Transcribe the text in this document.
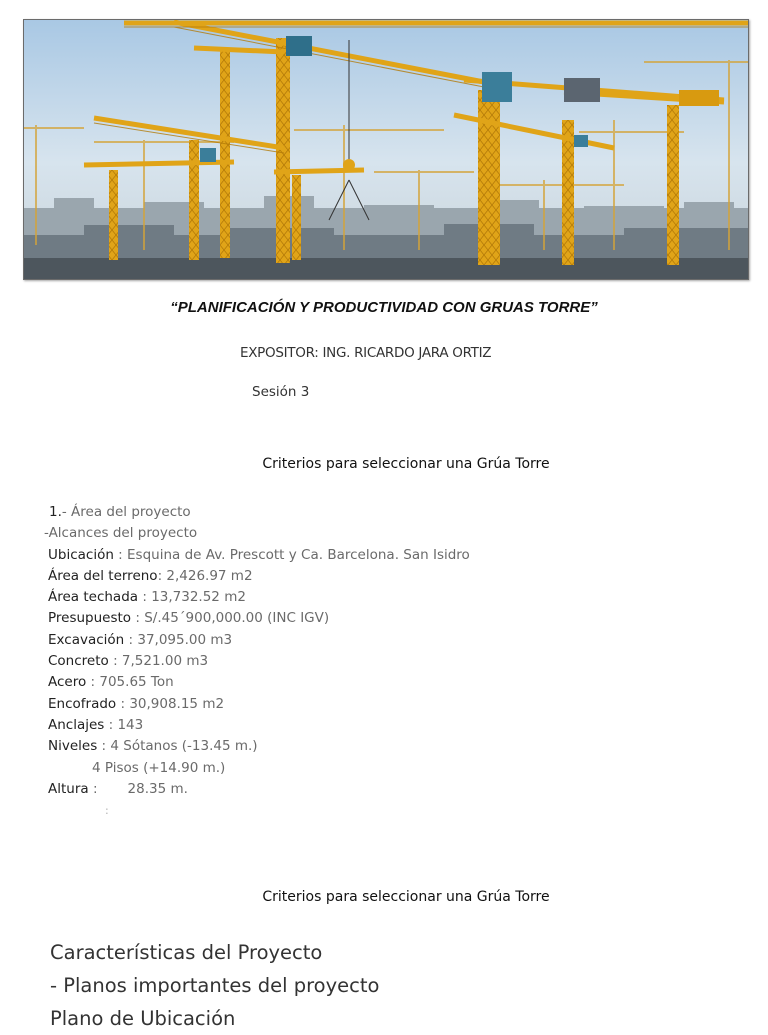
“PLANIFICACIÓN Y PRODUCTIVIDAD CON GRUAS TORRE”
EXPOSITOR: ING. RICARDO JARA ORTIZ
Sesión 3
Criterios para seleccionar una Grúa Torre
1.- Área del proyecto
-Alcances del proyecto
Ubicación : Esquina de Av. Prescott y Ca. Barcelona. San Isidro
Área del terreno: 2,426.97 m2
Área techada : 13,732.52 m2
Presupuesto : S/.45´900,000.00 (INC IGV)
Excavación : 37,095.00 m3
Concreto : 7,521.00 m3
Acero : 705.65 Ton
Encofrado : 30,908.15 m2
Anclajes : 143
Niveles : 4 Sótanos (-13.45 m.)
4 Pisos (+14.90 m.)
Altura : 28.35 m.
:
Criterios para seleccionar una Grúa Torre
Características del Proyecto
- Planos importantes del proyecto
Plano de Ubicación
